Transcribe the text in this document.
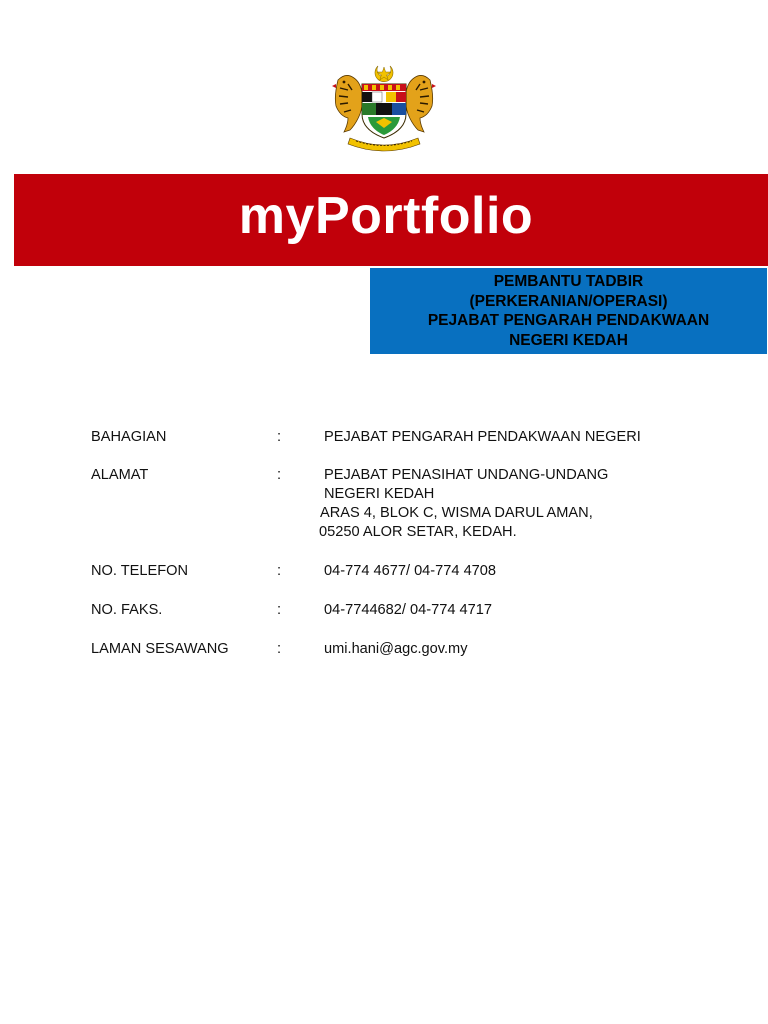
myPortfolio
PEMBANTU TADBIR
(PERKERANIAN/OPERASI)
PEJABAT PENGARAH PENDAKWAAN
NEGERI KEDAH
BAHAGIAN	:	PEJABAT PENGARAH PENDAKWAAN NEGERI
ALAMAT	:	PEJABAT PENASIHAT UNDANG-UNDANG
NEGERI KEDAH
ARAS 4, BLOK C, WISMA DARUL AMAN,
05250 ALOR SETAR, KEDAH.
NO. TELEFON	:	04-774 4677/ 04-774 4708
NO. FAKS.	:	04-7744682/ 04-774 4717
LAMAN SESAWANG	:	umi.hani@agc.gov.my
